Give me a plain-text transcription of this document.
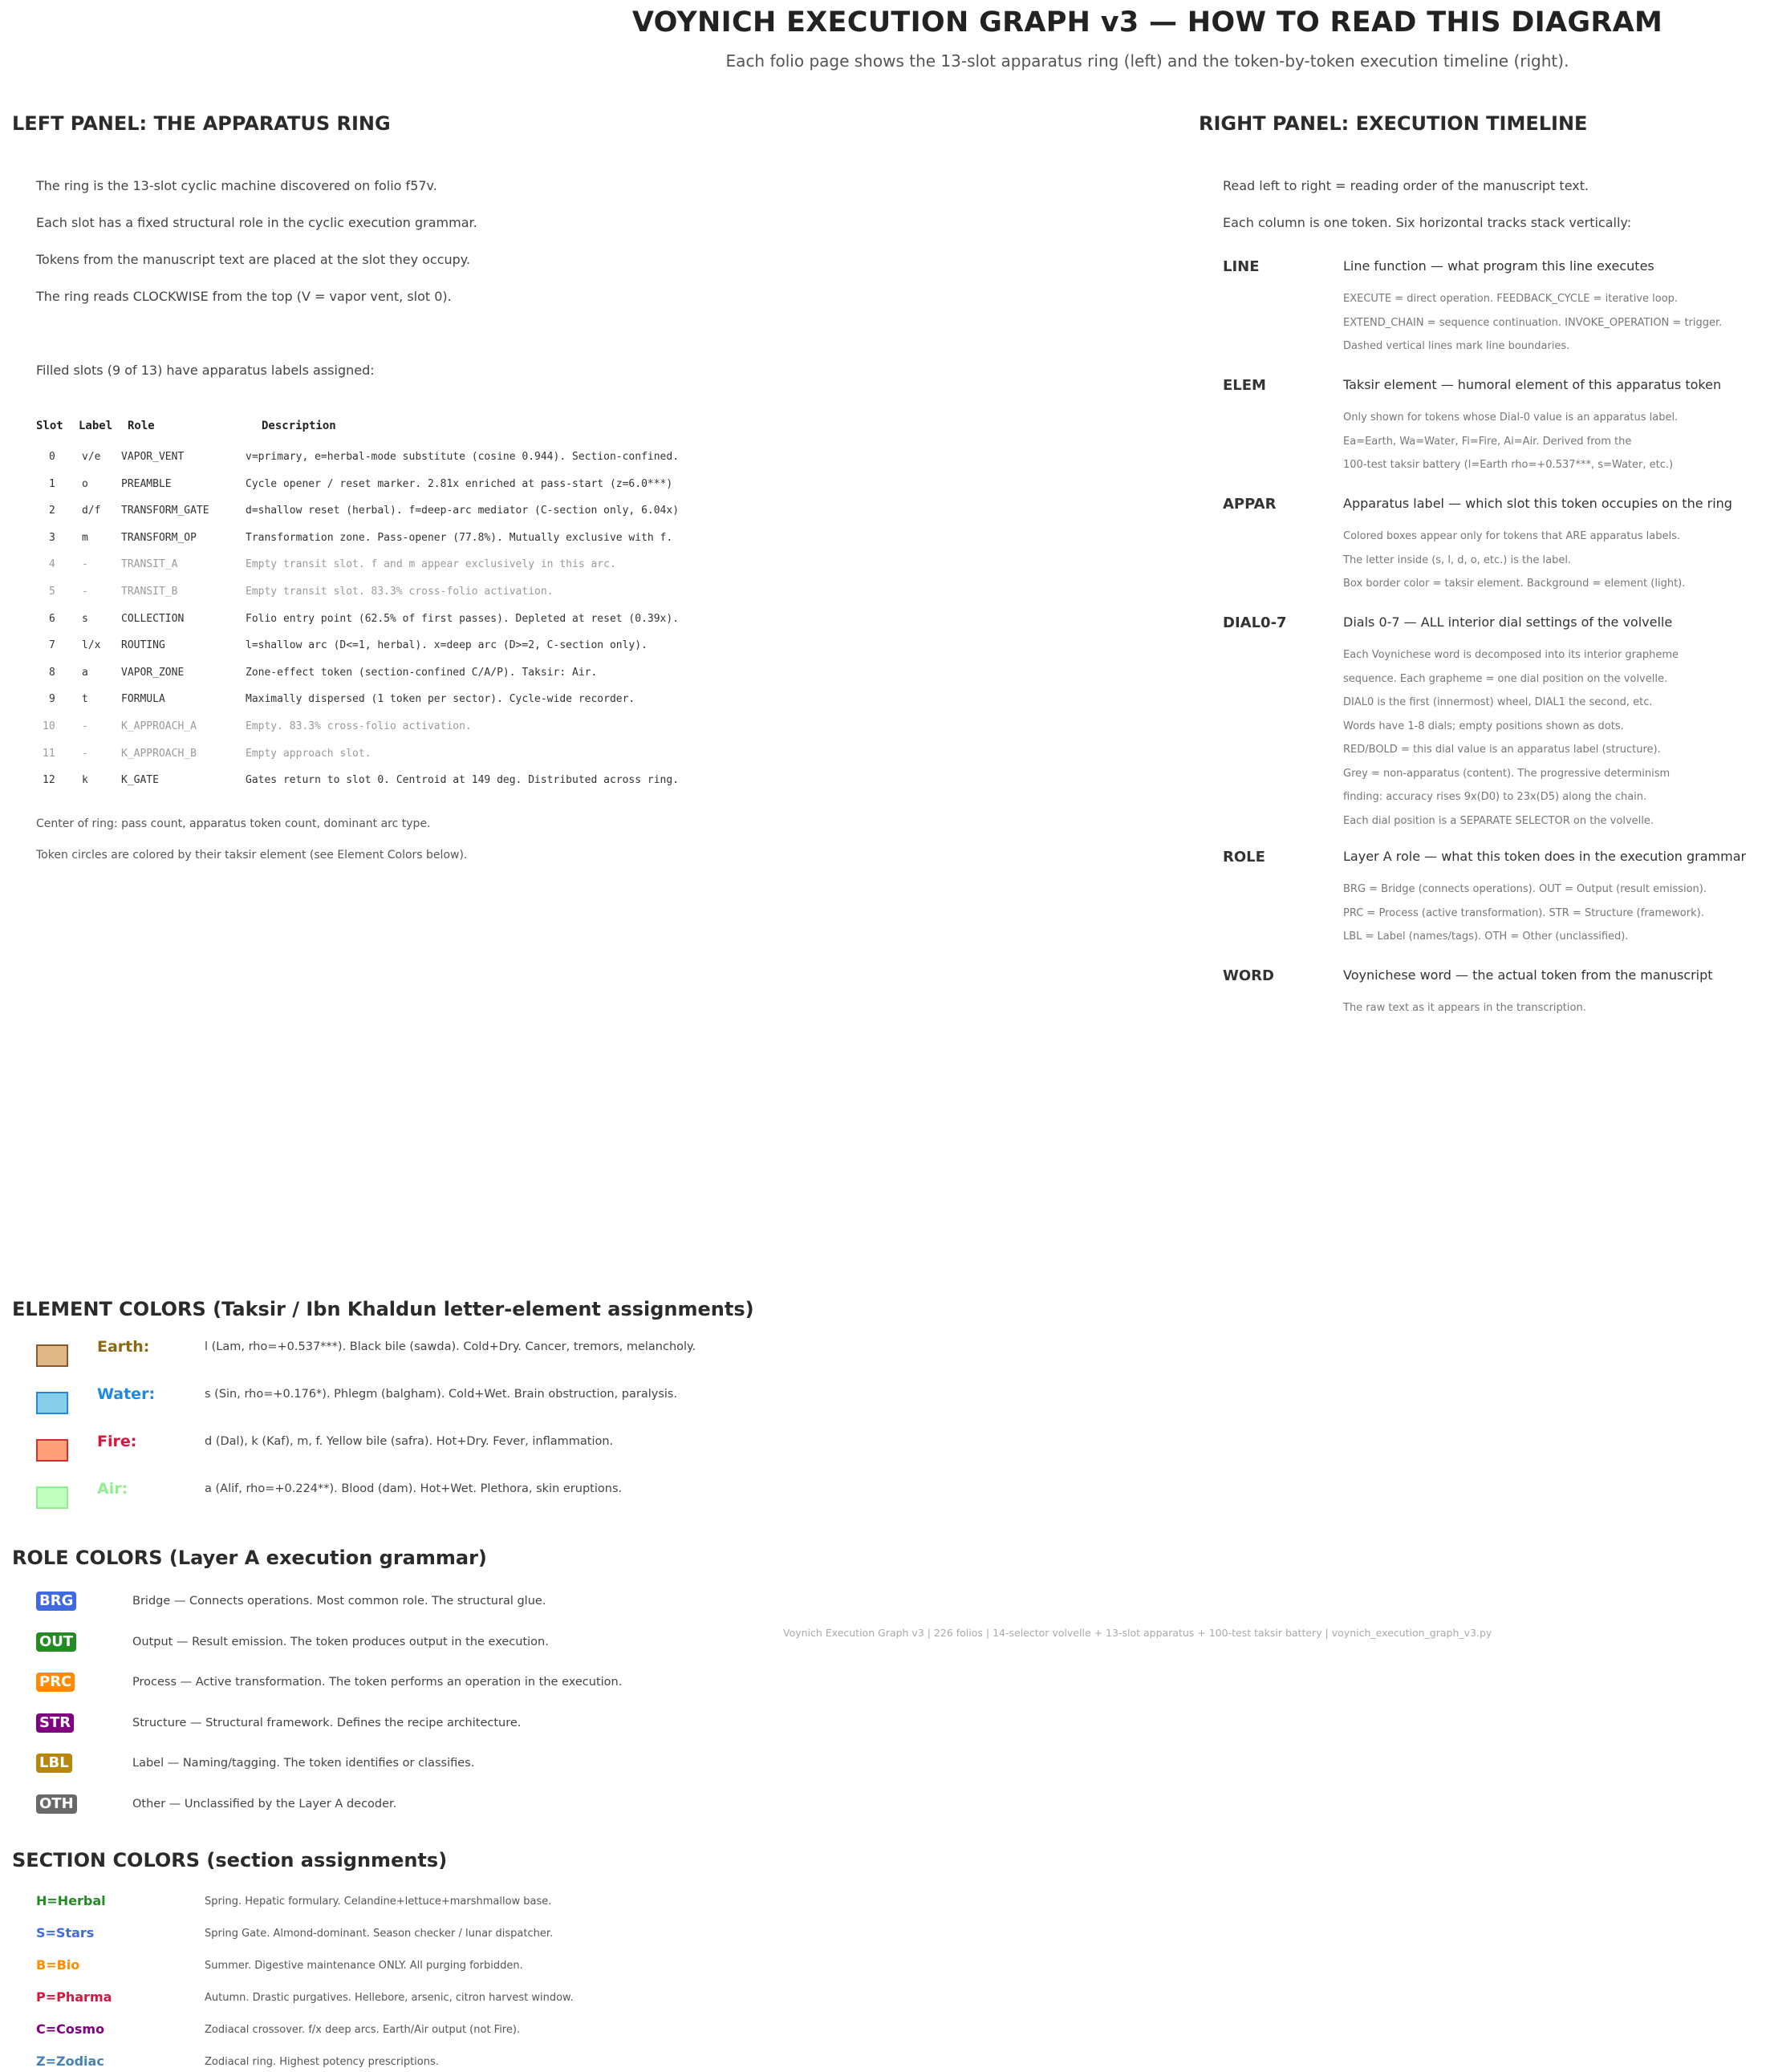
VOYNICH EXECUTION GRAPH v3 — HOW TO READ THIS DIAGRAM
Each folio page shows the 13-slot apparatus ring (left) and the token-by-token execution timeline (right).
LEFT PANEL: THE APPARATUS RING
The ring is the 13-slot cyclic machine discovered on folio f57v.
Each slot has a fixed structural role in the cyclic execution grammar.
Tokens from the manuscript text are placed at the slot they occupy.
The ring reads CLOCKWISE from the top (V = vapor vent, slot 0).
Filled slots (9 of 13) have apparatus labels assigned:
Slot Label Role	Description
0	v/e VAPOR_VENT	v=primary, e=herbal-mode substitute (cosine 0.944). Section-confined.
1	o	PREAMBLE	Cycle opener / reset marker. 2.81x enriched at pass-start (z=6.0***)
2	d/f TRANSFORM_GATE	d=shallow reset (herbal). f=deep-arc mediator (C-section only, 6.04x)
3	m	TRANSFORM_OP	Transformation zone. Pass-opener (77.8%). Mutually exclusive with f.
4	-	TRANSIT_A	Empty transit slot. f and m appear exclusively in this arc.
5	-	TRANSIT_B	Empty transit slot. 83.3% cross-folio activation.
6	s	COLLECTION	Folio entry point (62.5% of first passes). Depleted at reset (0.39x).
7	l/x ROUTING	l=shallow arc (D<=1, herbal). x=deep arc (D>=2, C-section only).
8	a	VAPOR_ZONE	Zone-effect token (section-confined C/A/P). Taksir: Air.
9	t	FORMULA	Maximally dispersed (1 token per sector). Cycle-wide recorder.
10	-	K_APPROACH_A	Empty. 83.3% cross-folio activation.
11	-	K_APPROACH_B	Empty approach slot.
12	k	K_GATE	Gates return to slot 0. Centroid at 149 deg. Distributed across ring.
Center of ring: pass count, apparatus token count, dominant arc type.
Token circles are colored by their taksir element (see Element Colors below).
RIGHT PANEL: EXECUTION TIMELINE
Read left to right = reading order of the manuscript text.
Each column is one token. Six horizontal tracks stack vertically:
LINE	Line function — what program this line executes
EXECUTE = direct operation. FEEDBACK_CYCLE = iterative loop.
EXTEND_CHAIN = sequence continuation. INVOKE_OPERATION = trigger.
Dashed vertical lines mark line boundaries.
ELEM	Taksir element — humoral element of this apparatus token
Only shown for tokens whose Dial-0 value is an apparatus label.
Ea=Earth, Wa=Water, Fi=Fire, Ai=Air. Derived from the
100-test taksir battery (l=Earth rho=+0.537***, s=Water, etc.)
APPAR	Apparatus label — which slot this token occupies on the ring
Colored boxes appear only for tokens that ARE apparatus labels.
The letter inside (s, l, d, o, etc.) is the label.
Box border color = taksir element. Background = element (light).
DIAL0-7	Dials 0-7 — ALL interior dial settings of the volvelle
Each Voynichese word is decomposed into its interior grapheme
sequence. Each grapheme = one dial position on the volvelle.
DIAL0 is the first (innermost) wheel, DIAL1 the second, etc.
Words have 1-8 dials; empty positions shown as dots.
RED/BOLD = this dial value is an apparatus label (structure).
Grey = non-apparatus (content). The progressive determinism
finding: accuracy rises 9x(D0) to 23x(D5) along the chain.
Each dial position is a SEPARATE SELECTOR on the volvelle.
ROLE	Layer A role — what this token does in the execution grammar
BRG = Bridge (connects operations). OUT = Output (result emission).
PRC = Process (active transformation). STR = Structure (framework).
LBL = Label (names/tags). OTH = Other (unclassified).
WORD	Voynichese word — the actual token from the manuscript
The raw text as it appears in the transcription.
ELEMENT COLORS (Taksir / Ibn Khaldun letter-element assignments)
Earth:	l (Lam, rho=+0.537***). Black bile (sawda). Cold+Dry. Cancer, tremors, melancholy.
Water:	s (Sin, rho=+0.176*). Phlegm (balgham). Cold+Wet. Brain obstruction, paralysis.
Fire:	d (Dal), k (Kaf), m, f. Yellow bile (safra). Hot+Dry. Fever, inflammation.
Air:	a (Alif, rho=+0.224**). Blood (dam). Hot+Wet. Plethora, skin eruptions.
ROLE COLORS (Layer A execution grammar)
BRG	Bridge — Connects operations. Most common role. The structural glue.
OUT	Output — Result emission. The token produces output in the execution.
PRC	Process — Active transformation. The token performs an operation in the execution.
STR	Structure — Structural framework. Defines the recipe architecture.
LBL	Label — Naming/tagging. The token identifies or classifies.
OTH	Other — Unclassified by the Layer A decoder.
SECTION COLORS (section assignments)
H=Herbal	Spring. Hepatic formulary. Celandine+lettuce+marshmallow base.
S=Stars	Spring Gate. Almond-dominant. Season checker / lunar dispatcher.
B=Bio	Summer. Digestive maintenance ONLY. All purging forbidden.
P=Pharma	Autumn. Drastic purgatives. Hellebore, arsenic, citron harvest window.
C=Cosmo	Zodiacal crossover. f/x deep arcs. Earth/Air output (not Fire).
Z=Zodiac	Zodiacal ring. Highest potency prescriptions.
Voynich Execution Graph v3 | 226 folios | 14-selector volvelle + 13-slot apparatus + 100-test taksir battery | voynich_execution_graph_v3.py
